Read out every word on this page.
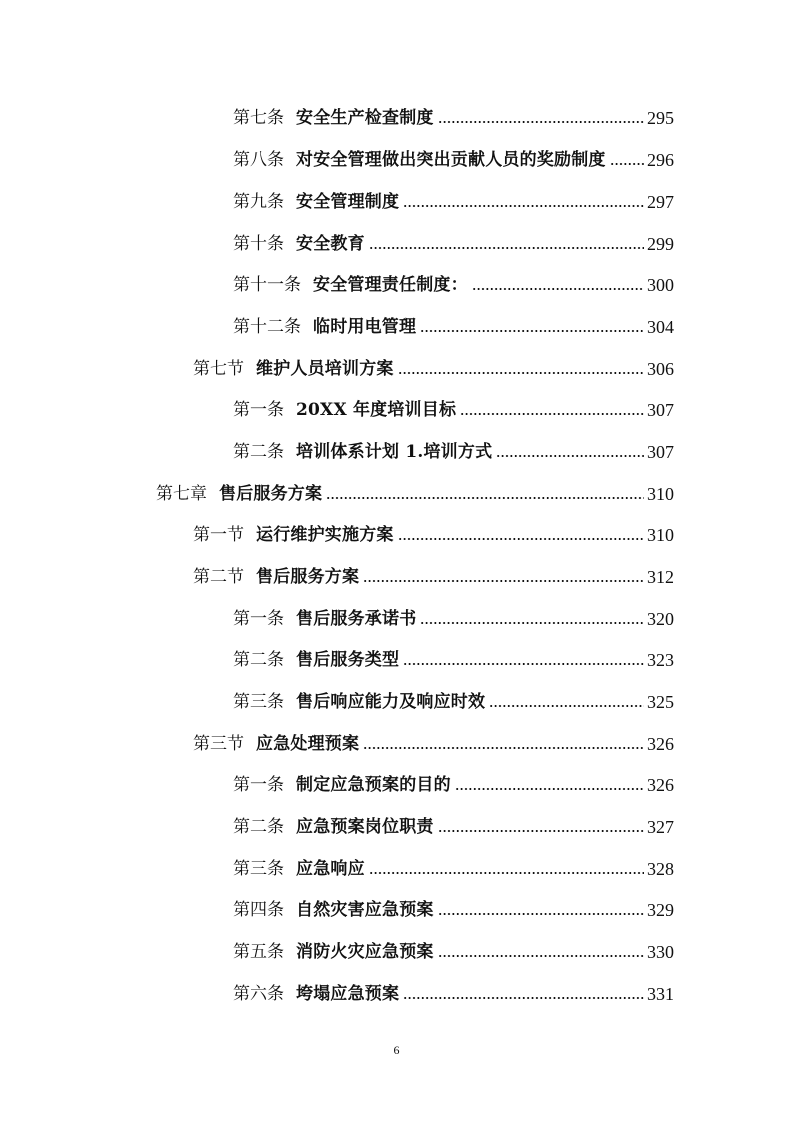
第七条 安全生产检查制度	295
第八条 对安全管理做出突出贡献人员的奖励制度 296
第九条 安全管理制度	297
第十条 安全教育	299
第十一条 安全管理责任制度：	300
第十二条 临时用电管理	304
第七节 维护人员培训方案	306
第一条 20XX 年度培训目标	307
第二条 培训体系计划 1.培训方式	307
第七章 售后服务方案	310
第一节 运行维护实施方案	310
第二节 售后服务方案	312
第一条 售后服务承诺书	320
第二条 售后服务类型	323
第三条 售后响应能力及响应时效	325
第三节 应急处理预案	326
第一条 制定应急预案的目的	326
第二条 应急预案岗位职责	327
第三条 应急响应	328
第四条 自然灾害应急预案	329
第五条 消防火灾应急预案	330
第六条 垮塌应急预案	331
6
